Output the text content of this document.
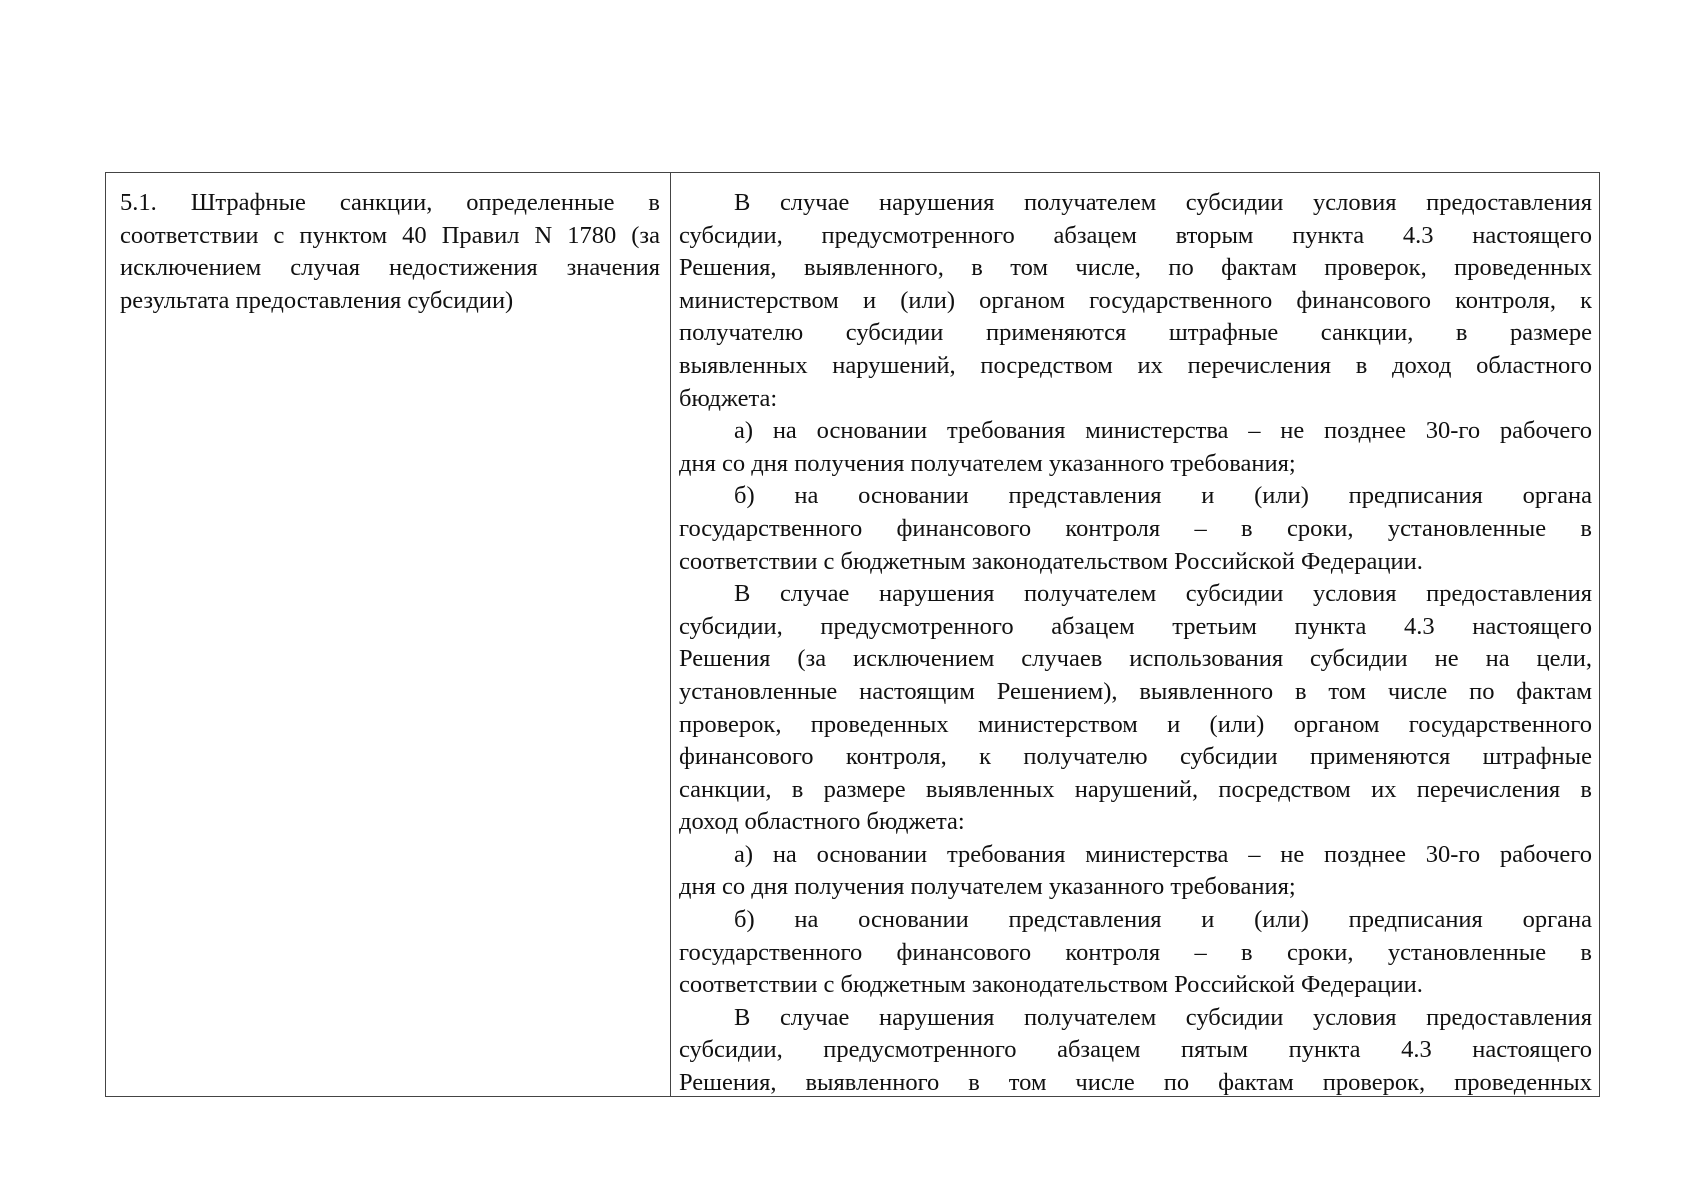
5.1. Штрафные санкции, определенные в
соответствии с пунктом 40 Правил N 1780 (за
исключением случая недостижения значения
результата предоставления субсидии)
В случае нарушения получателем субсидии условия предоставления
субсидии, предусмотренного абзацем вторым пункта 4.3 настоящего
Решения, выявленного, в том числе, по фактам проверок, проведенных
министерством и (или) органом государственного финансового контроля, к
получателю субсидии применяются штрафные санкции, в размере
выявленных нарушений, посредством их перечисления в доход областного
бюджета:
а) на основании требования министерства – не позднее 30-го рабочего
дня со дня получения получателем указанного требования;
б) на основании представления и (или) предписания органа
государственного финансового контроля – в сроки, установленные в
соответствии с бюджетным законодательством Российской Федерации.
В случае нарушения получателем субсидии условия предоставления
субсидии, предусмотренного абзацем третьим пункта 4.3 настоящего
Решения (за исключением случаев использования субсидии не на цели,
установленные настоящим Решением), выявленного в том числе по фактам
проверок, проведенных министерством и (или) органом государственного
финансового контроля, к получателю субсидии применяются штрафные
санкции, в размере выявленных нарушений, посредством их перечисления в
доход областного бюджета:
а) на основании требования министерства – не позднее 30-го рабочего
дня со дня получения получателем указанного требования;
б) на основании представления и (или) предписания органа
государственного финансового контроля – в сроки, установленные в
соответствии с бюджетным законодательством Российской Федерации.
В случае нарушения получателем субсидии условия предоставления
субсидии, предусмотренного абзацем пятым пункта 4.3 настоящего
Решения, выявленного в том числе по фактам проверок, проведенных
